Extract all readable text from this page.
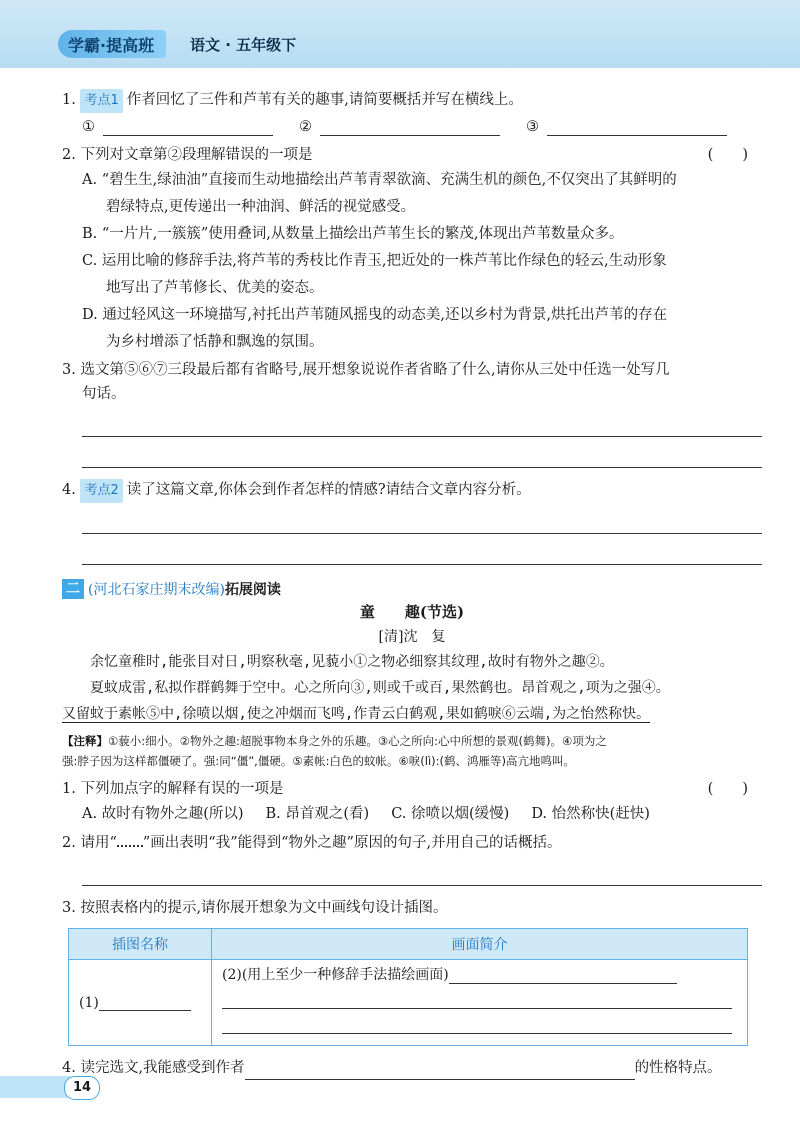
学霸·提高班	语文 · 五年级下

1. 考点1 作者回忆了三件和芦苇有关的趣事,请简要概括并写在横线上。

①	②	③

2. 下列对文章第②段理解错误的一项是	(　　)

A. “碧生生,绿油油”直接而生动地描绘出芦苇青翠欲滴、充满生机的颜色,不仅突出了其鲜明的
碧绿特点,更传递出一种油润、鲜活的视觉感受。
B. “一片片,一簇簇”使用叠词,从数量上描绘出芦苇生长的繁茂,体现出芦苇数量众多。
C. 运用比喻的修辞手法,将芦苇的秀枝比作青玉,把近处的一株芦苇比作绿色的轻云,生动形象
地写出了芦苇修长、优美的姿态。
D. 通过轻风这一环境描写,衬托出芦苇随风摇曳的动态美,还以乡村为背景,烘托出芦苇的存在
为乡村增添了恬静和飘逸的氛围。

3. 选文第⑤⑥⑦三段最后都有省略号,展开想象说说作者省略了什么,请你从三处中任选一处写几
句话。

4. 考点2 读了这篇文章,你体会到作者怎样的情感?请结合文章内容分析。

二 (河北石家庄期末改编) 拓展阅读
童　　趣(节选)
[清]沈　复

余忆童稚时,能张目对日,明察秋毫,见藐小①之物必细察其纹理,故时有物外之趣②。

夏蚊成雷,私拟作群鹤舞于空中。心之所向③,则或千或百,果然鹤也。昂首观之,项为之强④。

又留蚊于素帐⑤中,徐喷以烟,使之冲烟而飞鸣,作青云白鹤观,果如鹤唳⑥云端,为之怡然称快。

【注释】①藐小:细小。②物外之趣:超脱事物本身之外的乐趣。③心之所向:心中所想的景观(鹤舞)。④项为之
强:脖子因为这样都僵硬了。强:同“僵”,僵硬。⑤素帐:白色的蚊帐。⑥唳(lì):(鹤、鸿雁等)高亢地鸣叫。

1. 下列加点字的解释有误的一项是	(　　)

A. 故时有物外之趣(所以) B. 昂首观之(看) C. 徐喷以烟(缓慢) D. 怡然称快(赶快)

2. 请用“ ”画出表明“我”能得到“物外之趣”原因的句子,并用自己的话概括。

3. 按照表格内的提示,请你展开想象为文中画线句设计插图。

插图名称	画面简介
(1)	(2)(用上至少一种修辞手法描绘画面)

4. 读完选文,我能感受到作者	的性格特点。

14
